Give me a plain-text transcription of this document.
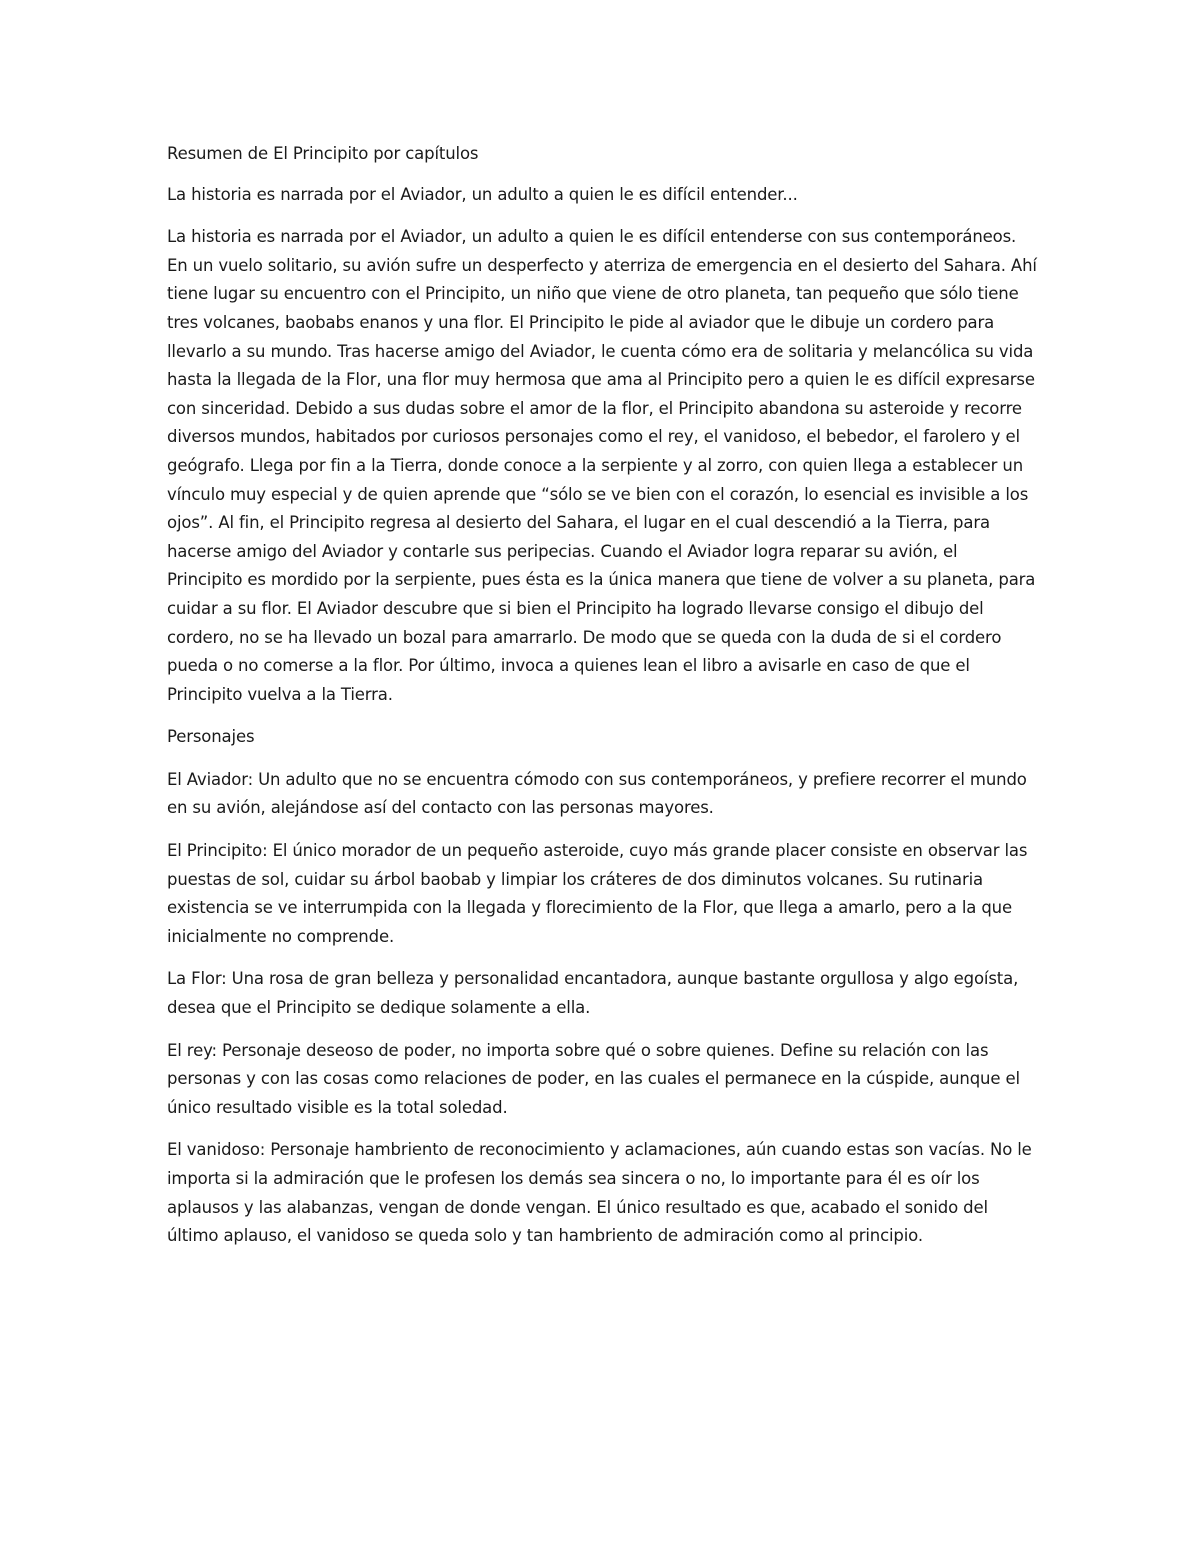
Resumen de El Principito por capítulos

La historia es narrada por el Aviador, un adulto a quien le es difícil entender...

La historia es narrada por el Aviador, un adulto a quien le es difícil entenderse con sus contemporáneos. En un vuelo solitario, su avión sufre un desperfecto y aterriza de emergencia en el desierto del Sahara. Ahí tiene lugar su encuentro con el Principito, un niño que viene de otro planeta, tan pequeño que sólo tiene tres volcanes, baobabs enanos y una flor. El Principito le pide al aviador que le dibuje un cordero para llevarlo a su mundo. Tras hacerse amigo del Aviador, le cuenta cómo era de solitaria y melancólica su vida hasta la llegada de la Flor, una flor muy hermosa que ama al Principito pero a quien le es difícil expresarse con sinceridad. Debido a sus dudas sobre el amor de la flor, el Principito abandona su asteroide y recorre diversos mundos, habitados por curiosos personajes como el rey, el vanidoso, el bebedor, el farolero y el geógrafo. Llega por fin a la Tierra, donde conoce a la serpiente y al zorro, con quien llega a establecer un vínculo muy especial y de quien aprende que “sólo se ve bien con el corazón, lo esencial es invisible a los ojos”. Al fin, el Principito regresa al desierto del Sahara, el lugar en el cual descendió a la Tierra, para hacerse amigo del Aviador y contarle sus peripecias. Cuando el Aviador logra reparar su avión, el Principito es mordido por la serpiente, pues ésta es la única manera que tiene de volver a su planeta, para cuidar a su flor. El Aviador descubre que si bien el Principito ha logrado llevarse consigo el dibujo del cordero, no se ha llevado un bozal para amarrarlo. De modo que se queda con la duda de si el cordero pueda o no comerse a la flor. Por último, invoca a quienes lean el libro a avisarle en caso de que el Principito vuelva a la Tierra.

Personajes

El Aviador: Un adulto que no se encuentra cómodo con sus contemporáneos, y prefiere recorrer el mundo en su avión, alejándose así del contacto con las personas mayores.

El Principito: El único morador de un pequeño asteroide, cuyo más grande placer consiste en observar las puestas de sol, cuidar su árbol baobab y limpiar los cráteres de dos diminutos volcanes. Su rutinaria existencia se ve interrumpida con la llegada y florecimiento de la Flor, que llega a amarlo, pero a la que inicialmente no comprende.

La Flor: Una rosa de gran belleza y personalidad encantadora, aunque bastante orgullosa y algo egoísta, desea que el Principito se dedique solamente a ella.

El rey: Personaje deseoso de poder, no importa sobre qué o sobre quienes. Define su relación con las personas y con las cosas como relaciones de poder, en las cuales el permanece en la cúspide, aunque el único resultado visible es la total soledad.

El vanidoso: Personaje hambriento de reconocimiento y aclamaciones, aún cuando estas son vacías. No le importa si la admiración que le profesen los demás sea sincera o no, lo importante para él es oír los aplausos y las alabanzas, vengan de donde vengan. El único resultado es que, acabado el sonido del último aplauso, el vanidoso se queda solo y tan hambriento de admiración como al principio.
